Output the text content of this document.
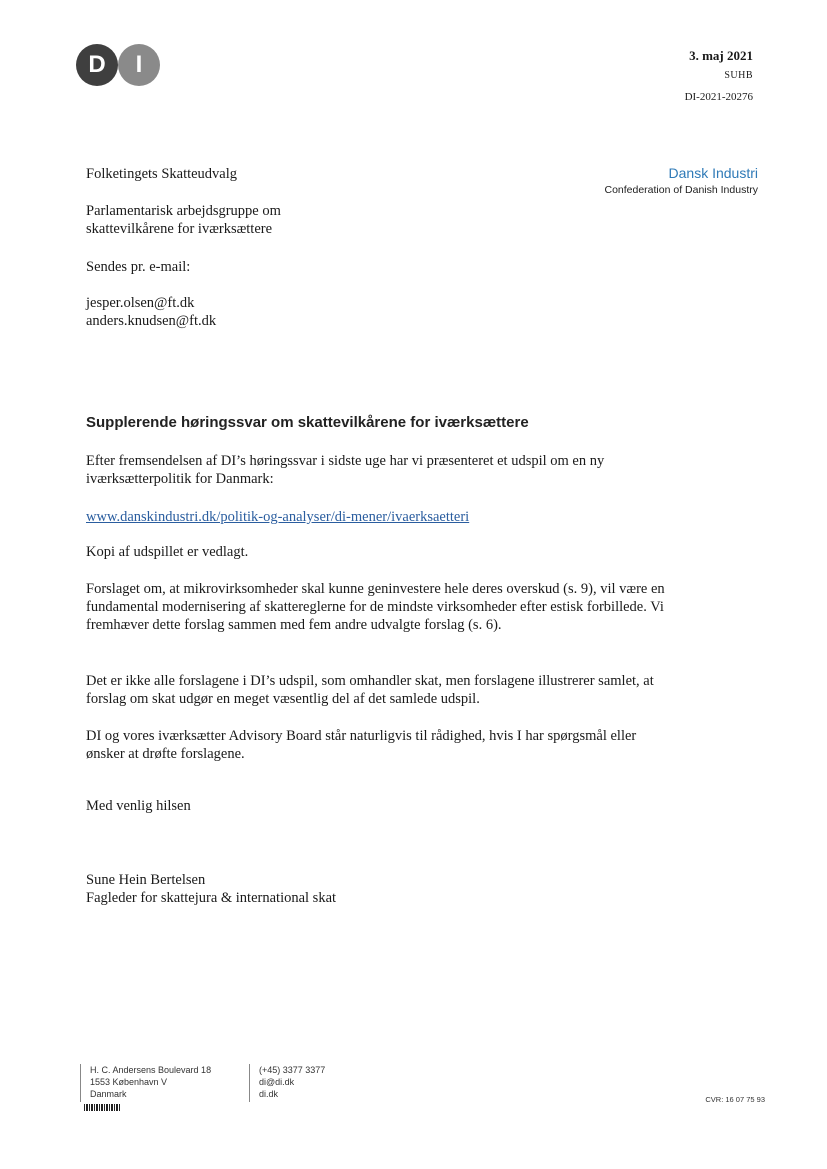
D	I	3. maj 2021
SUHB
DI-2021-20276
Dansk Industri
Confederation of Danish Industry
Folketingets Skatteudvalg
Parlamentarisk arbejdsgruppe om
skattevilkårene for iværksættere
Sendes pr. e-mail:
jesper.olsen@ft.dk
anders.knudsen@ft.dk
Supplerende høringssvar om skattevilkårene for iværksættere

Efter fremsendelsen af DI’s høringssvar i sidste uge har vi præsenteret et udspil om en ny iværksætterpolitik for Danmark:

www.danskindustri.dk/politik-og-analyser/di-mener/ivaerksaetteri

Kopi af udspillet er vedlagt.

Forslaget om, at mikrovirksomheder skal kunne geninvestere hele deres overskud (s. 9), vil være en fundamental modernisering af skattereglerne for de mindste virksomheder efter estisk forbillede. Vi fremhæver dette forslag sammen med fem andre udvalgte forslag (s. 6).

Det er ikke alle forslagene i DI’s udspil, som omhandler skat, men forslagene illustrerer samlet, at forslag om skat udgør en meget væsentlig del af det samlede udspil.

DI og vores iværksætter Advisory Board står naturligvis til rådighed, hvis I har spørgsmål eller ønsker at drøfte forslagene.

Med venlig hilsen
Sune Hein Bertelsen
Fagleder for skattejura & international skat
H. C. Andersens Boulevard 18
1553 København V
Danmark
(+45) 3377 3377
di@di.dk
di.dk
CVR: 16 07 75 93
